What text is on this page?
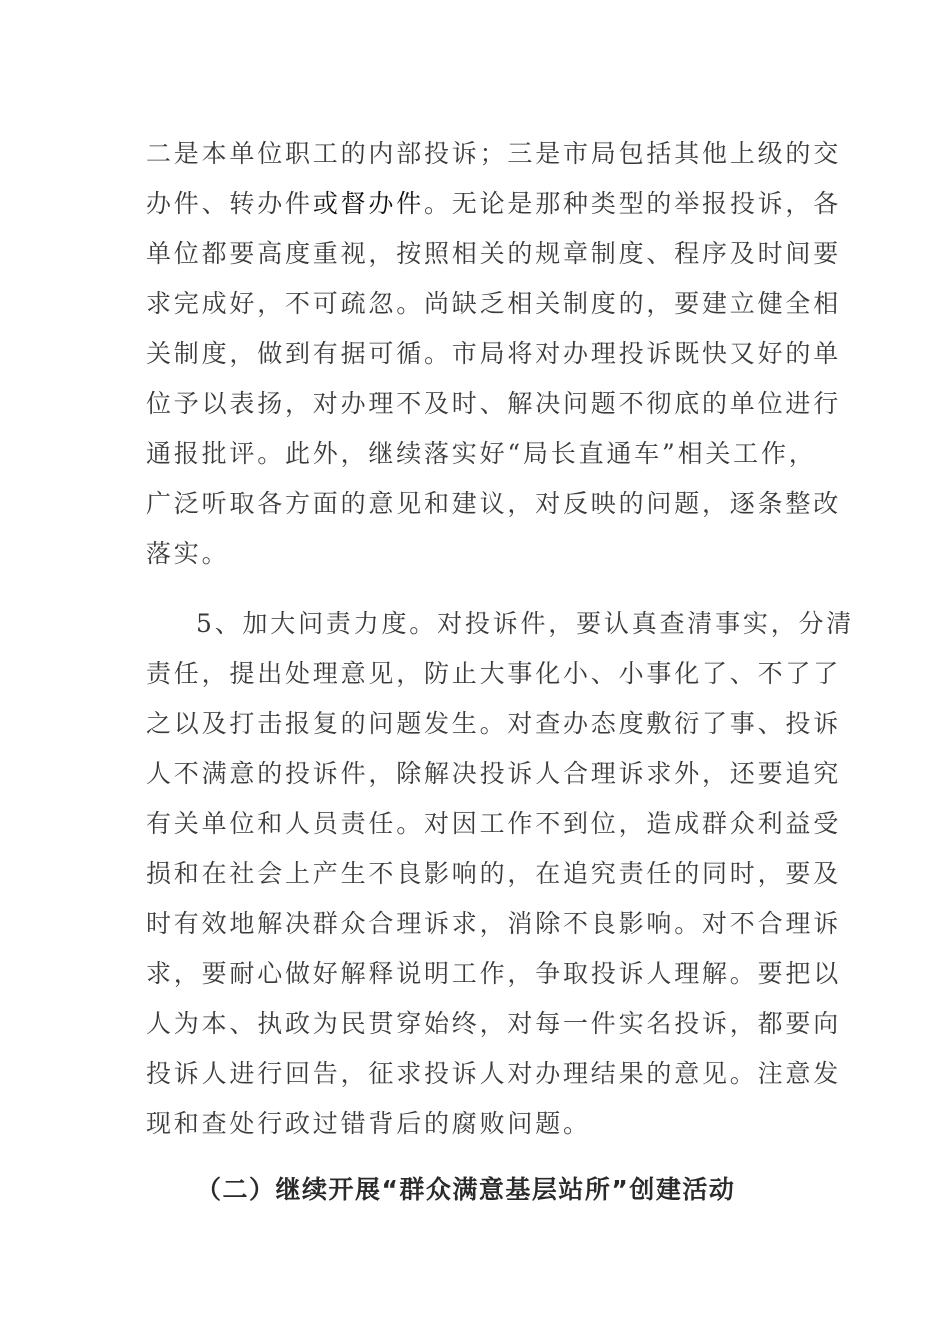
二是本单位职工的内部投诉；三是市局包括其他上级的交
办件、转办件或督办件。无论是那种类型的举报投诉，各
单位都要高度重视，按照相关的规章制度、程序及时间要
求完成好，不可疏忽。尚缺乏相关制度的，要建立健全相
关制度，做到有据可循。市局将对办理投诉既快又好的单
位予以表扬，对办理不及时、解决问题不彻底的单位进行
通报批评。此外，继续落实好“局长直通车”相关工作，
广泛听取各方面的意见和建议，对反映的问题，逐条整改
落实。
5、加大问责力度。对投诉件，要认真查清事实，分清
责任，提出处理意见，防止大事化小、小事化了、不了了
之以及打击报复的问题发生。对查办态度敷衍了事、投诉
人不满意的投诉件，除解决投诉人合理诉求外，还要追究
有关单位和人员责任。对因工作不到位，造成群众利益受
损和在社会上产生不良影响的，在追究责任的同时，要及
时有效地解决群众合理诉求，消除不良影响。对不合理诉
求，要耐心做好解释说明工作，争取投诉人理解。要把以
人为本、执政为民贯穿始终，对每一件实名投诉，都要向
投诉人进行回告，征求投诉人对办理结果的意见。注意发
现和查处行政过错背后的腐败问题。
（二）继续开展“群众满意基层站所”创建活动
